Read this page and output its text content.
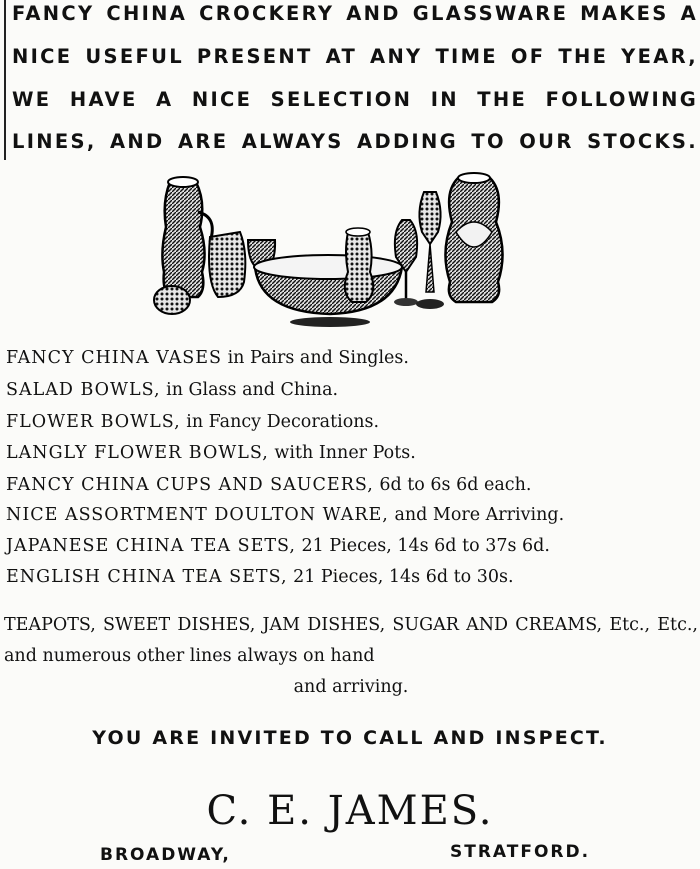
FANCY CHINA CROCKERY AND GLASSWARE MAKES A
NICE USEFUL PRESENT AT ANY TIME OF THE YEAR,
WE HAVE A NICE SELECTION IN THE FOLLOWING
LINES, AND ARE ALWAYS ADDING TO OUR STOCKS.
FANCY CHINA VASES in Pairs and Singles.
SALAD BOWLS, in Glass and China.
FLOWER BOWLS, in Fancy Decorations.
LANGLY FLOWER BOWLS, with Inner Pots.
FANCY CHINA CUPS AND SAUCERS, 6d to 6s 6d each.
NICE ASSORTMENT DOULTON WARE, and More Arriving.
JAPANESE CHINA TEA SETS, 21 Pieces, 14s 6d to 37s 6d.
ENGLISH CHINA TEA SETS, 21 Pieces, 14s 6d to 30s.
TEAPOTS, SWEET DISHES, JAM DISHES, SUGAR AND CREAMS, Etc., Etc., and numerous other lines always on hand
and arriving.
YOU ARE INVITED TO CALL AND INSPECT.
C. E. JAMES.
BROADWAY,	STRATFORD.
